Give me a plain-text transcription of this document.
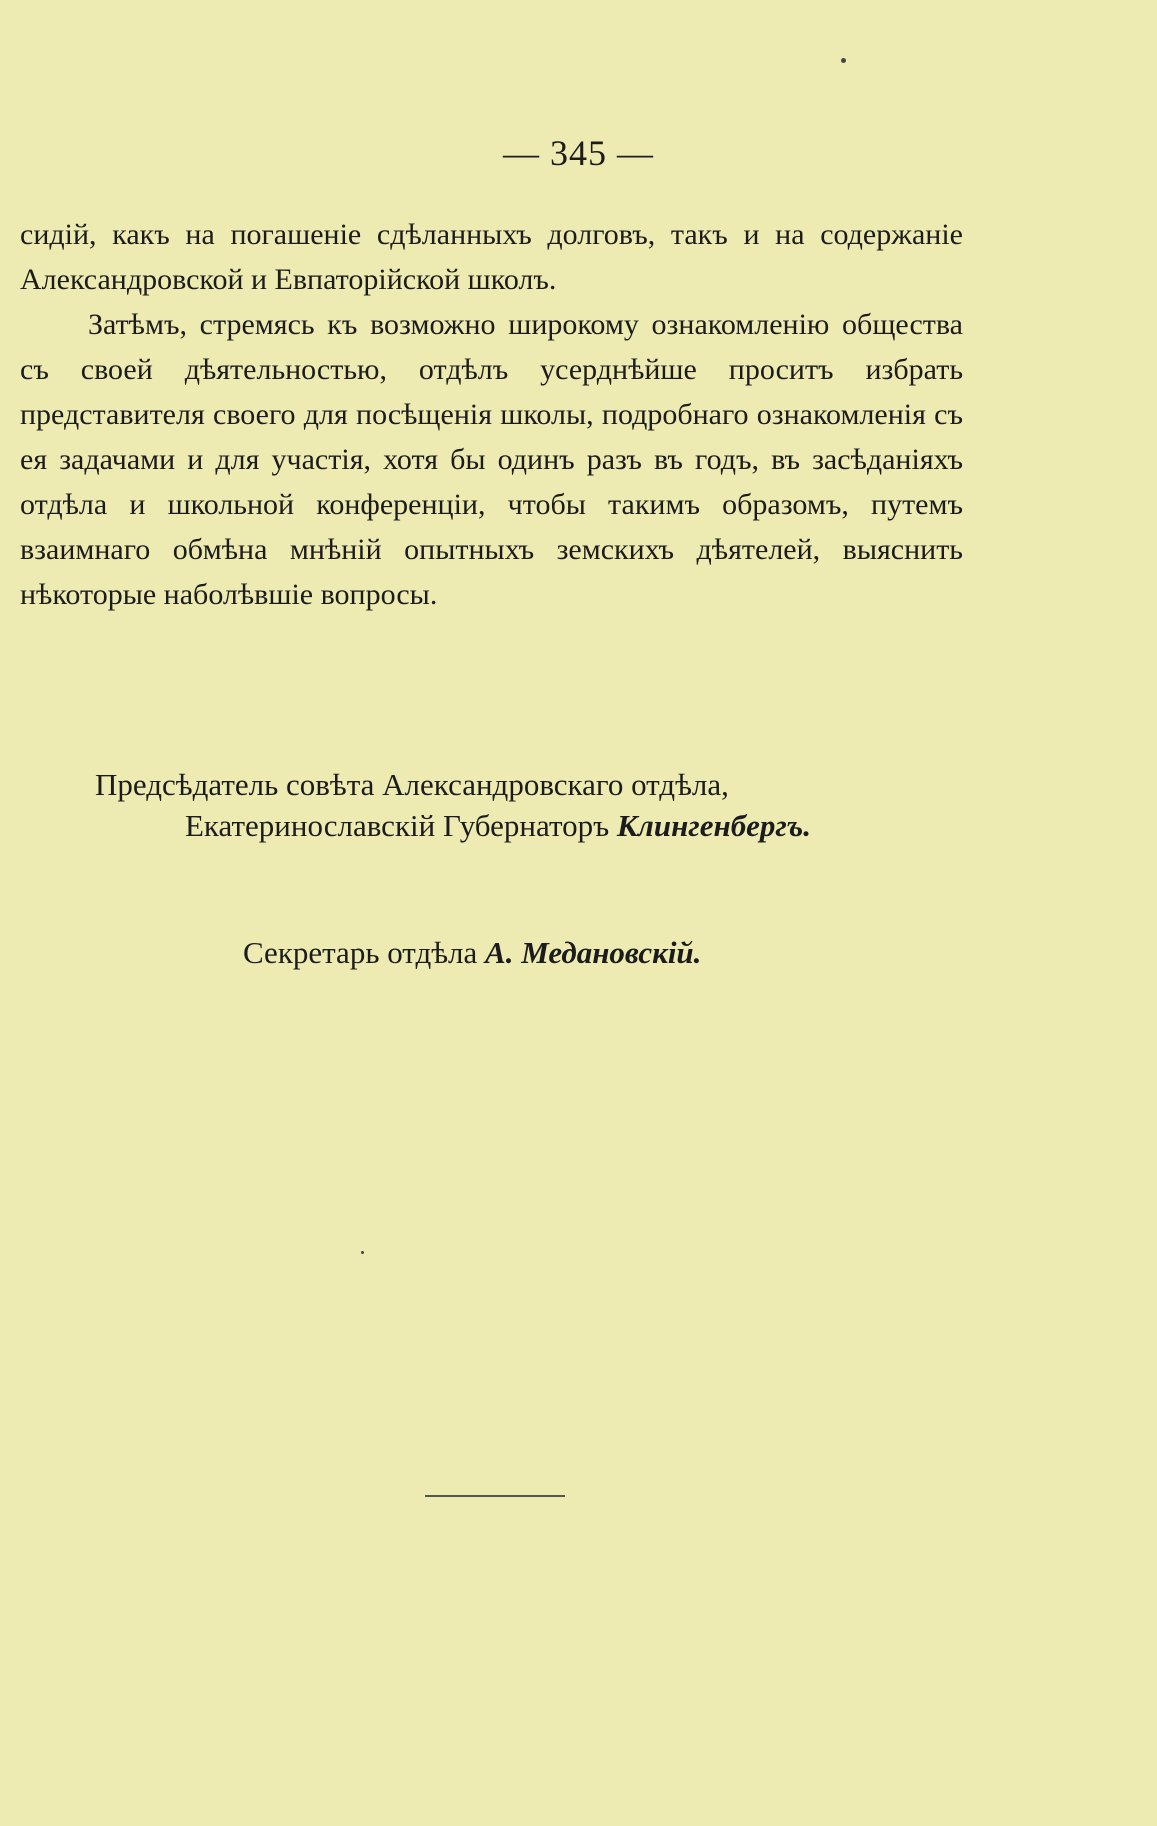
— 345 —

сидій, какъ на погашеніе сдѣланныхъ долговъ, такъ и на содержаніе Александровской и Евпаторійской школъ.

Затѣмъ, стремясь къ возможно широкому ознакомленію общества съ своей дѣятельностью, отдѣлъ усерднѣйше проситъ избрать представителя своего для посѣщенія школы, подробнаго ознакомленія съ ея задачами и для участія, хотя бы одинъ разъ въ годъ, въ засѣданіяхъ отдѣла и школьной конференціи, чтобы такимъ образомъ, путемъ взаимнаго обмѣна мнѣній опытныхъ земскихъ дѣятелей, выяснить нѣкоторые наболѣвшіе вопросы.

Предсѣдатель совѣта Александровскаго отдѣла,
Екатеринославскій Губернаторъ Клингенбергъ.
Секретарь отдѣла А. Медановскій.
